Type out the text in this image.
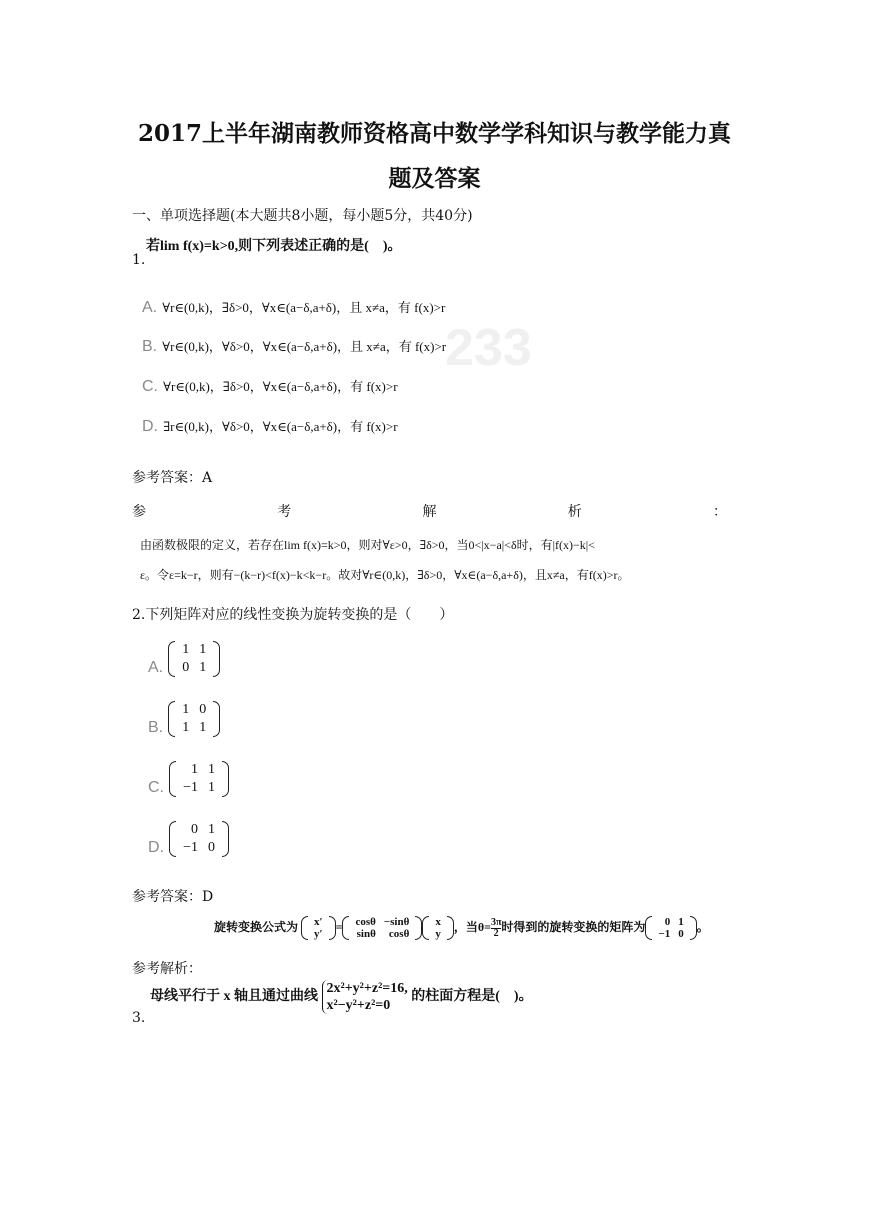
2017上半年湖南教师资格高中数学学科知识与教学能力真
题及答案
一、单项选择题(本大题共8小题，每小题5分，共40分)
1.
若lim f(x)=k>0,则下列表述正确的是(　)。
A. ∀r∈(0,k)，∃δ>0，∀x∈(a−δ,a+δ)，且 x≠a，有 f(x)>r
B. ∀r∈(0,k)，∀δ>0，∀x∈(a−δ,a+δ)，且 x≠a，有 f(x)>r
C. ∀r∈(0,k)，∃δ>0，∀x∈(a−δ,a+δ)，有 f(x)>r
D. ∃r∈(0,k)，∀δ>0，∀x∈(a−δ,a+δ)，有 f(x)>r
233
参考答案：A
参	考	解	析	：
由函数极限的定义，若存在lim f(x)=k>0，则对∀ε>0，∃δ>0，当0<|x−a|<δ时，有|f(x)−k|<
ε。令ε=k−r，则有−(k−r)<f(x)−k<k−r。故对∀r∈(0,k)，∃δ>0，∀x∈(a−δ,a+δ)，且x≠a，有f(x)>r。
2.下列矩阵对应的线性变换为旋转变换的是（　　）
A.
1	1
0	1
B.
1	0
1	1
C.
1	1
−1	1
D.
0	1
−1	0
参考答案：D
旋转变换公式为 x′
y′
= cosθ	−sinθ
sinθ	cosθ
x
y
，当$\theta= \frac{3\pi}{2}$ 时得到的旋转变换的矩阵为 0	1
−1	0
。
参考解析：
3.
母线平行于 x 轴且通过曲线
2x²+y²+z²=16,
x²−y²+z²=0
的柱面方程是(　)。
